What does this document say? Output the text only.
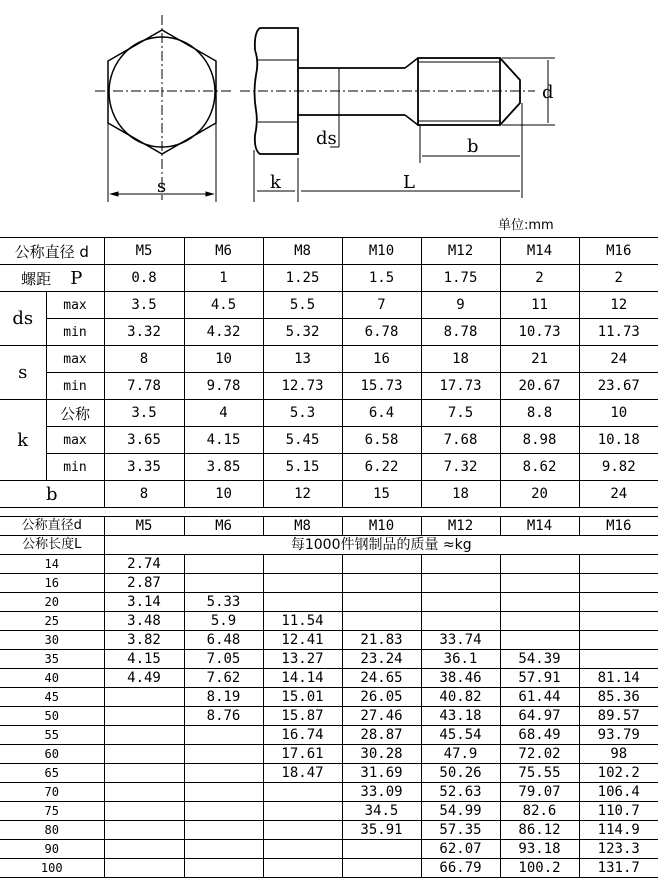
s	k	L
ds	b
d
单位:mm
公称直径 d		M5	M6	M8	M10	M12	M14	M16
螺距 P		0.8	1	1.25	1.5	1.75	2	2
ds	max	3.5	4.5	5.5	7	9	11	12
	min	3.32	4.32	5.32	6.78	8.78	10.73	11.73
s	max	8	10	13	16	18	21	24
	min	7.78	9.78	12.73	15.73	17.73	20.67	23.67
k	公称	3.5	4	5.3	6.4	7.5	8.8	10
	max	3.65	4.15	5.45	6.58	7.68	8.98	10.18
	min	3.35	3.85	5.15	6.22	7.32	8.62	9.82
b		8	10	12	15	18	20	24
公称直径d	M5	M6	M8	M10	M12	M14	M16
公称长度L	每1000件钢制品的质量 ≈kg						
14	2.74						
16	2.87						
20	3.14	5.33					
25	3.48	5.9	11.54				
30	3.82	6.48	12.41	21.83	33.74		
35	4.15	7.05	13.27	23.24	36.1	54.39	
40	4.49	7.62	14.14	24.65	38.46	57.91	81.14
45		8.19	15.01	26.05	40.82	61.44	85.36
50		8.76	15.87	27.46	43.18	64.97	89.57
55			16.74	28.87	45.54	68.49	93.79
60			17.61	30.28	47.9	72.02	98
65			18.47	31.69	50.26	75.55	102.2
70				33.09	52.63	79.07	106.4
75				34.5	54.99	82.6	110.7
80				35.91	57.35	86.12	114.9
90					62.07	93.18	123.3
100					66.79	100.2	131.7
